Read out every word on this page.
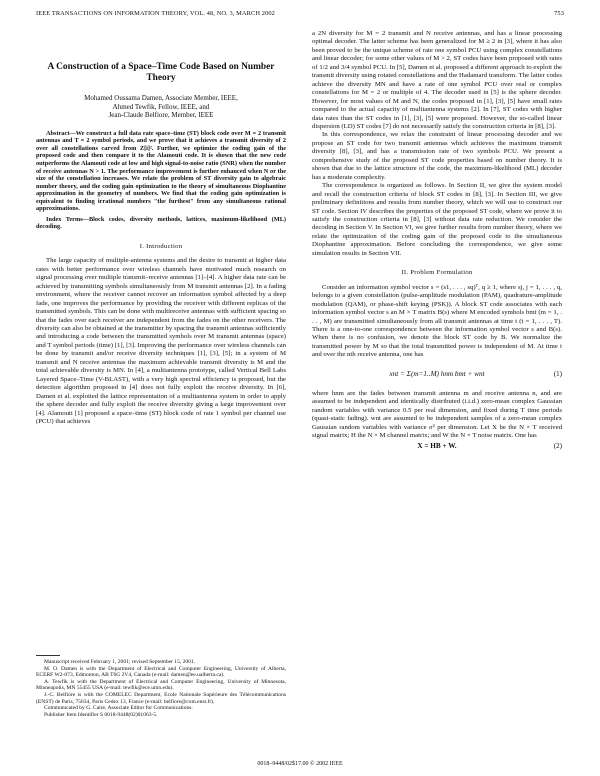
IEEE TRANSACTIONS ON INFORMATION THEORY, VOL. 48, NO. 3, MARCH 2002	753
A Construction of a Space–Time Code Based on Number Theory
Mohamed Oussama Damen, Associate Member, IEEE,
Ahmed Tewfik, Fellow, IEEE, and
Jean-Claude Belfiore, Member, IEEE

Abstract—We construct a full data rate space–time (ST) block code over M = 2 transmit antennas and T = 2 symbol periods, and we prove that it achieves a transmit diversity of 2 over all constellations carved from Z[i]². Further, we optimize the coding gain of the proposed code and then compare it to the Alamouti code. It is shown that the new code outperforms the Alamouti code at low and high signal-to-noise ratio (SNR) when the number of receive antennas N > 1. The performance improvement is further enhanced when N or the size of the constellation increases. We relate the problem of ST diversity gain to algebraic number theory, and the coding gain optimization to the theory of simultaneous Diophantine approximation in the geometry of numbers. We find that the coding gain optimization is equivalent to finding irrational numbers "the furthest" from any simultaneous rational approximations.

Index Terms—Block codes, diversity methods, lattices, maximum-likelihood (ML) decoding.

I. Introduction

The large capacity of multiple-antenna systems and the desire to transmit at higher data rates with better performance over wireless channels have motivated much research on signal processing over multiple transmit–receive antennas [1]–[4]. A higher data rate can be achieved by transmitting symbols simultaneously from M transmit antennas [2]. In a fading environment, where the receiver cannot recover an information symbol affected by a deep fade, one improves the performance by providing the receiver with different replicas of the transmitted symbols. This can be done with multireceive antennas with sufficient spacing so that the fades over each receiver are independent from the fades on the other receivers. The diversity can also be obtained at the transmitter by spacing the transmit antennas sufficiently and introducing a code between the transmitted symbols over M transmit antennas (space) and T symbol periods (time) [1], [3]. Improving the performance over wireless channels can be done by transmit and/or receive diversity techniques [1], [3], [5]; in a system of M transmit and N receive antennas the maximum achievable transmit diversity is M and the total achievable diversity is MN. In [4], a multiantenna prototype, called Vertical Bell Labs Layered Space–Time (V-BLAST), with a very high spectral efficiency is proposed, but the detection algorithm proposed in [4] does not fully exploit the receive diversity. In [6], Damen et al. exploited the lattice representation of a multiantenna system in order to apply the sphere decoder and fully exploit the receive diversity giving a large improvement over [4]. Alamouti [1] proposed a space–time (ST) block code of rate 1 symbol per channel use (PCU) that achieves

Manuscript received February 1, 2001; revised September 15, 2001.

M. O. Damen is with the Department of Electrical and Computer Engineering, University of Alberta, ECERF W2-073, Edmonton, AB T6G 2V4, Canada (e-mail: damen@ee.ualberta.ca).

A. Tewfik is with the Department of Electrical and Computer Engineering, University of Minnesota, Minneapolis, MN 55455 USA (e-mail: tewfik@ece.umn.edu).

J.-C. Belfiore is with the COMELEC Department, Ecole Nationale Supérieure des Télécommunications (ENST) de Paris, 75634, Paris Cedex 13, France (e-mail: belfiore@com.enst.fr).

Communicated by G. Caire, Associate Editor for Communications.

Publisher Item Identifier S 0018-9448(02)01063-5.

a 2N diversity for M = 2 transmit and N receive antennas, and has a linear processing optimal decoder. The latter scheme has been generalized for M ≥ 2 in [3], where it has also been proved to be the unique scheme of rate one symbol PCU using complex constellations and linear decoder; for some other values of M > 2, ST codes have been proposed with rates of 1/2 and 3/4 symbol PCU. In [5], Damen et al. proposed a different approach to exploit the transmit diversity using rotated constellations and the Hadamard transform. The latter codes achieve the diversity MN and have a rate of one symbol PCU over real or complex constellations for M = 2 or multiple of 4. The decoder used in [5] is the sphere decoder. However, for most values of M and N, the codes proposed in [1], [3], [5] have small rates compared to the actual capacity of multiantenna systems [2]. In [7], ST codes with higher data rates than the ST codes in [1], [3], [5] were proposed. However, the so-called linear dispersion (LD) ST codes [7] do not necessarily satisfy the construction criteria in [8], [3].

In this correspondence, we relax the constraint of linear processing decoder and we propose an ST code for two transmit antennas which achieves the maximum transmit diversity [8], [3], and has a transmission rate of two symbols PCU. We present a comprehensive study of the proposed ST code properties based on number theory. It is shown that due to the lattice structure of the code, the maximum-likelihood (ML) decoder has a moderate complexity.

The correspondence is organized as follows. In Section II, we give the system model and recall the construction criteria of block ST codes in [8], [3]. In Section III, we give preliminary definitions and results from number theory, which we will use to construct our ST code. Section IV describes the properties of the proposed ST code, where we prove it to satisfy the construction criteria in [8], [3] without data rate reduction. We consider the decoding in Section V. In Section VI, we give further results from number theory, where we relate the optimization of the coding gain of the proposed code to the simultaneous Diophantine approximation. Before concluding the correspondence, we give some simulation results in Section VII.

II. Problem Formulation

Consider an information symbol vector s = (s1, . . . , sq)ᵀ, q ≥ 1, where sj, j = 1, . . . , q, belongs to a given constellation (pulse-amplitude modulation (PAM), quadrature-amplitude modulation (QAM), or phase-shift keying (PSK)). A block ST code associates with each information symbol vector s an M × T matrix B(s) where M encoded symbols bmt (m = 1, . . . , M) are transmitted simultaneously from all transmit antennas at time t (t = 1, . . . , T). There is a one-to-one correspondence between the information symbol vector s and B(s). When there is no confusion, we denote the block ST code by B. We normalize the transmitted power by M so that the total transmitted power is independent of M. At time t and over the nth receive antenna, one has

xnt = Σ(m=1..M) hnm bmt + wnt	(1)

where hnm are the fades between transmit antenna m and receive antenna n, and are assumed to be independent and identically distributed (i.i.d.) zero-mean complex Gaussian random variables with variance 0.5 per real dimension, and fixed during T time periods (quasi-static fading). wnt are assumed to be independent samples of a zero-mean complex Gaussian random variables with variance σ² per dimension. Let X be the N × T received signal matrix; H the N × M channel matrix; and W the N × T noise matrix. One has

X = HB + W.	(2)
0018–9448/02$17.00 © 2002 IEEE
